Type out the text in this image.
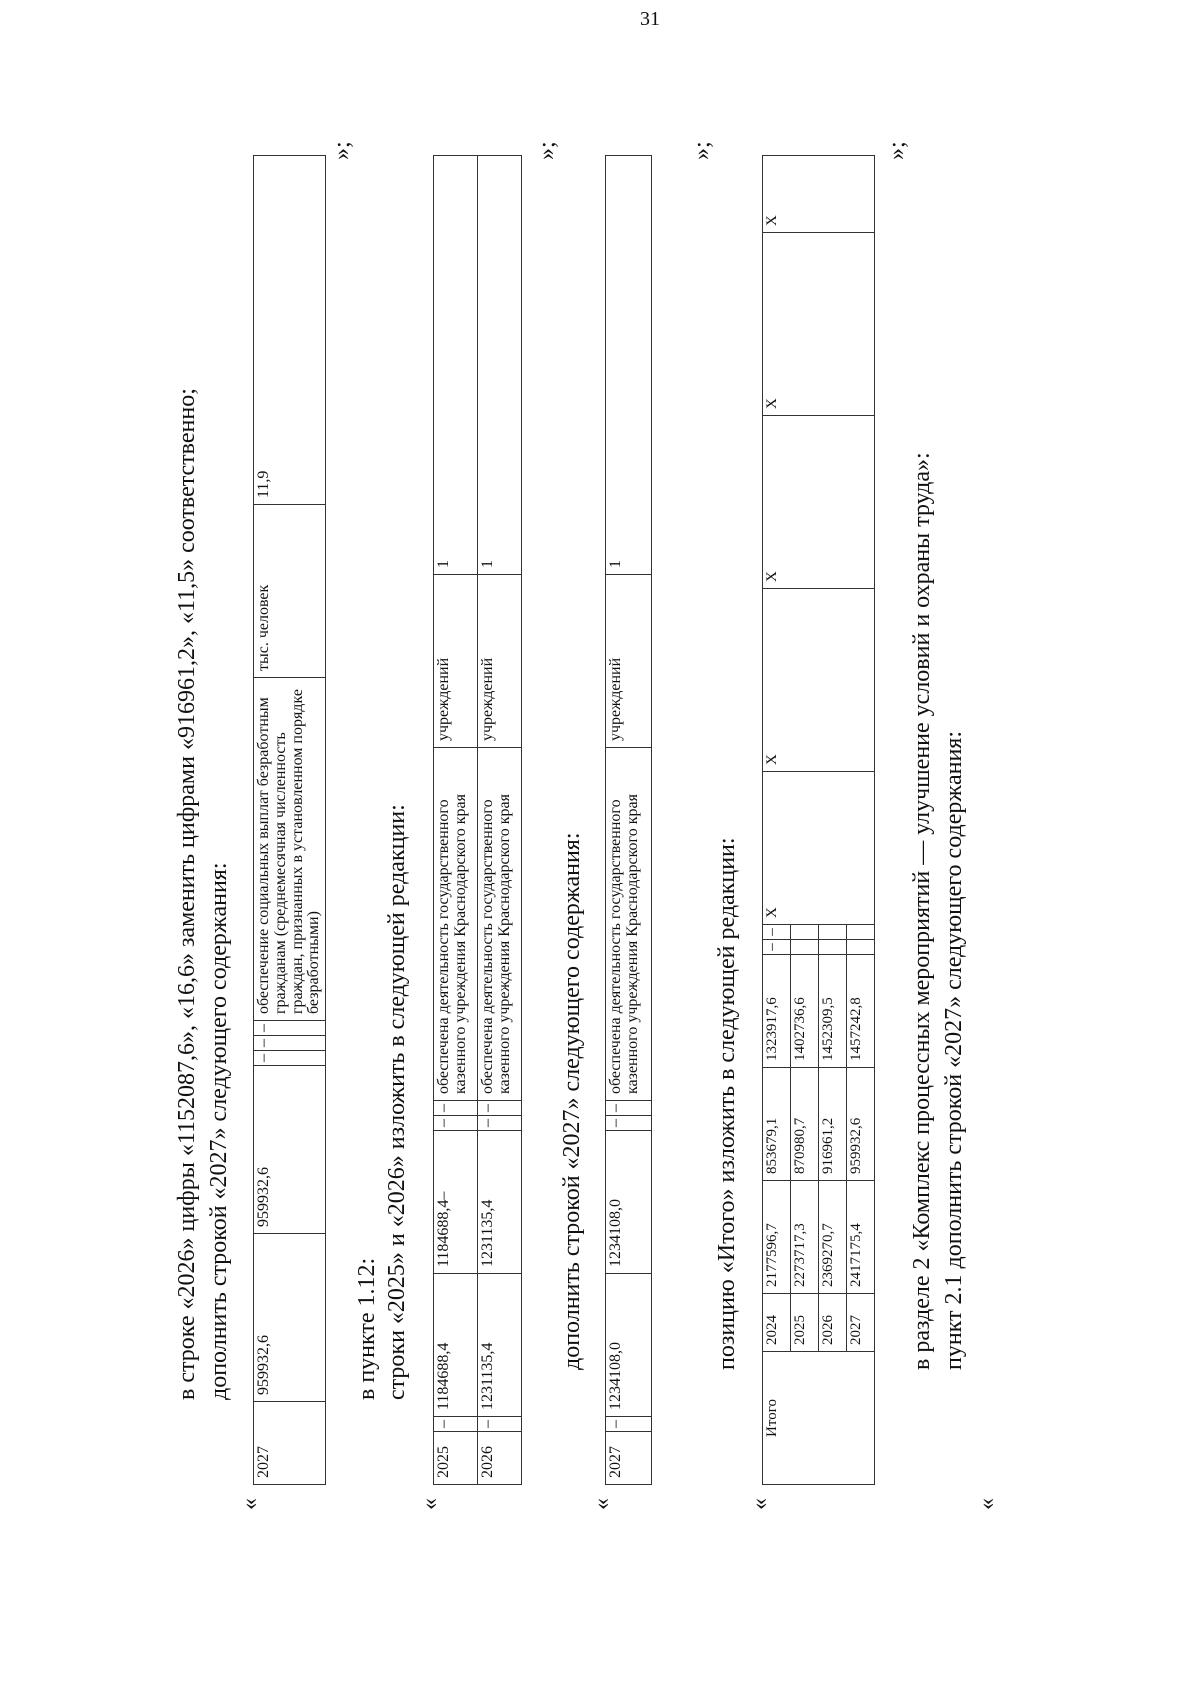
31
в строке «2026» цифры «1152087,6», «16,6» заменить цифрами «916961,2», «11,5» соответственно; дополнить строкой «2027» следующего содержания:
«
2027	959932,6	959932,6	–	–	–	обеспечение социальных выплат безработным гражданам (среднемесячная численность граждан, признанных в установленном порядке безработными)	тыс. человек	11,9
»;
в пункте 1.12: строки «2025» и «2026» изложить в следующей редакции:
«
2025	–	1184688,4	1184688,4–	–	–	обеспечена деятельность государственного казенного учреждения Краснодарского края	учреждений	1
2026	–	1231135,4	1231135,4	–	–	обеспечена деятельность государственного казенного учреждения Краснодарского края	учреждений	1
»;
дополнить строкой «2027» следующего содержания:
«
2027	–	1234108,0	1234108,0	–	–	обеспечена деятельность государственного казенного учреждения Краснодарского края	учреждений	1
»;
позицию «Итого» изложить в следующей редакции:
«
Итого	2024	2177596,7	853679,1	1323917,6	–	–	Х	Х	Х	Х	Х
	2025	2273717,3	870980,7	1402736,6							
	2026	2369270,7	916961,2	1452309,5							
	2027	2417175,4	959932,6	1457242,8							
»;
в разделе 2 «Комплекс процессных мероприятий — улучшение условий и охраны труда»: пункт 2.1 дополнить строкой «2027» следующего содержания:
«
